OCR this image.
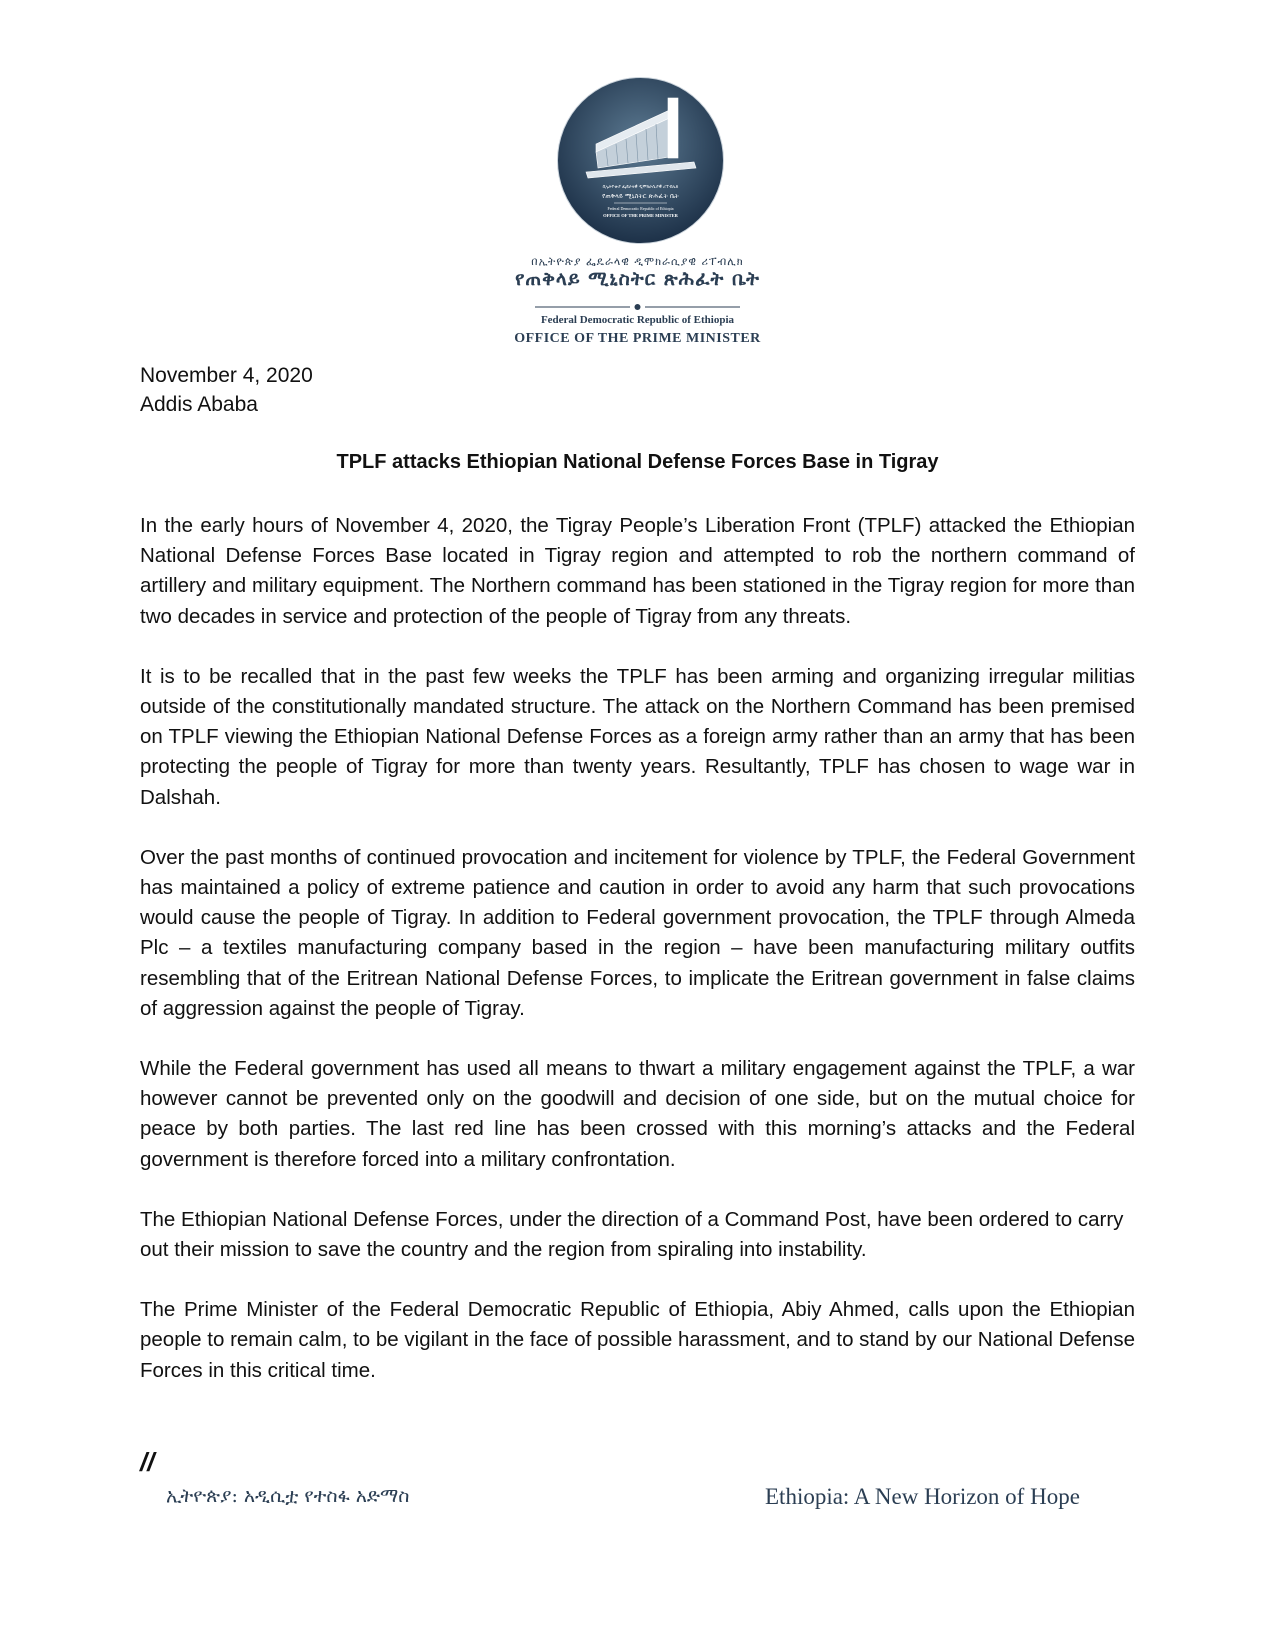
በኢትዮጵያ ፌደራላዊ ዲሞክራሲያዊ ሪፐብሊክ
የጠቅላይ ሚኒስትር ጽሕፈት ቤት
Federal Democratic Republic of Ethiopia
OFFICE OF THE PRIME MINISTER
በኢትዮጵያ ፌዴራላዊ ዲሞክራሲያዊ ሪፐብሊክ
የጠቅላይ ሚኒስትር ጽሕፈት ቤት
Federal Democratic Republic of Ethiopia
OFFICE OF THE PRIME MINISTER
November 4, 2020
Addis Ababa
TPLF attacks Ethiopian National Defense Forces Base in Tigray

In the early hours of November 4, 2020, the Tigray People’s Liberation Front (TPLF) attacked the Ethiopian National Defense Forces Base located in Tigray region and attempted to rob the northern command of artillery and military equipment. The Northern command has been stationed in the Tigray region for more than two decades in service and protection of the people of Tigray from any threats.

It is to be recalled that in the past few weeks the TPLF has been arming and organizing irregular militias outside of the constitutionally mandated structure. The attack on the Northern Command has been premised on TPLF viewing the Ethiopian National Defense Forces as a foreign army rather than an army that has been protecting the people of Tigray for more than twenty years. Resultantly, TPLF has chosen to wage war in Dalshah.

Over the past months of continued provocation and incitement for violence by TPLF, the Federal Government has maintained a policy of extreme patience and caution in order to avoid any harm that such provocations would cause the people of Tigray. In addition to Federal government provocation, the TPLF through Almeda Plc – a textiles manufacturing company based in the region – have been manufacturing military outfits resembling that of the Eritrean National Defense Forces, to implicate the Eritrean government in false claims of aggression against the people of Tigray.

While the Federal government has used all means to thwart a military engagement against the TPLF, a war however cannot be prevented only on the goodwill and decision of one side, but on the mutual choice for peace by both parties. The last red line has been crossed with this morning’s attacks and the Federal government is therefore forced into a military confrontation.

The Ethiopian National Defense Forces, under the direction of a Command Post, have been ordered to carry out their mission to save the country and the region from spiraling into instability.

The Prime Minister of the Federal Democratic Republic of Ethiopia, Abiy Ahmed, calls upon the Ethiopian people to remain calm, to be vigilant in the face of possible harassment, and to stand by our National Defense Forces in this critical time.

//
ኢትዮጵያ: አዲሲቷ የተስፋ አድማስ	Ethiopia: A New Horizon of Hope
